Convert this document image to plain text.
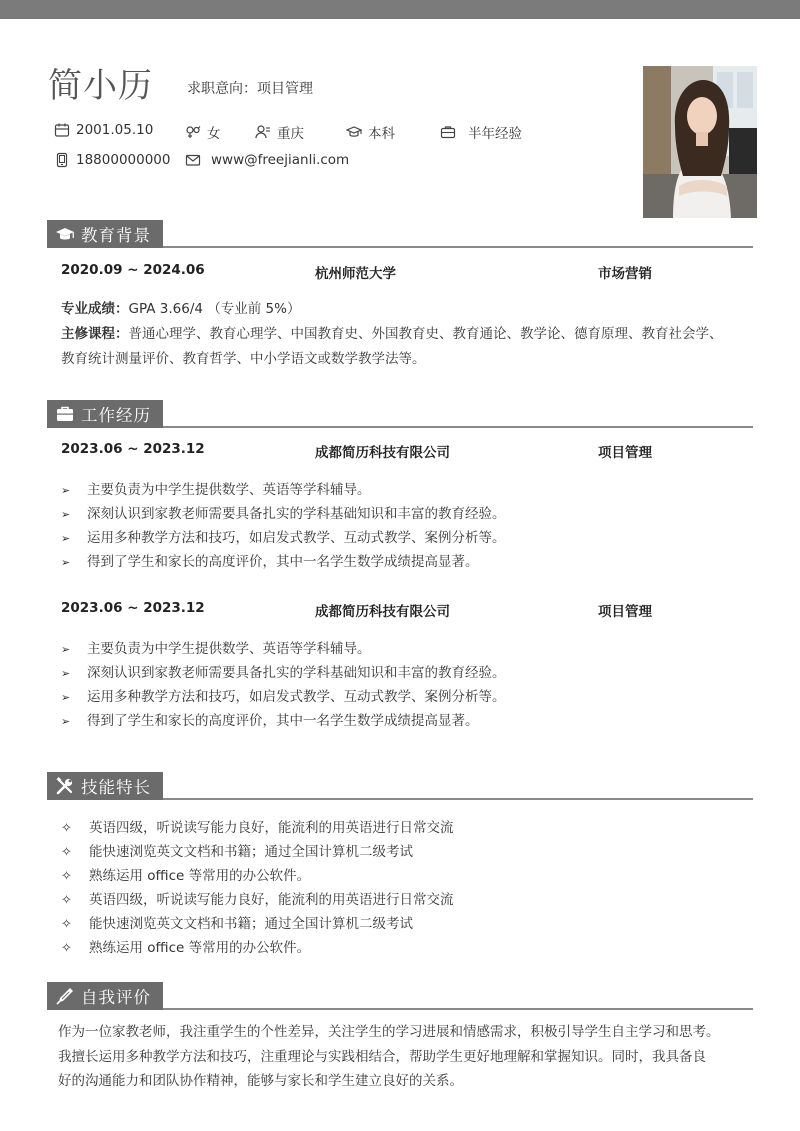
简小历 求职意向：项目管理
2001.05.10	女	重庆	本科	半年经验
18800000000	www@freejianli.com
教育背景
2020.09 ~ 2024.06	杭州师范大学	市场营销
专业成绩：GPA 3.66/4 （专业前 5%）
主修课程：普通心理学、教育心理学、中国教育史、外国教育史、教育通论、教学论、德育原理、教育社会学、
教育统计测量评价、教育哲学、中小学语文或数学教学法等。
工作经历
2023.06 ~ 2023.12	成都简历科技有限公司	项目管理
➢ 主要负责为中学生提供数学、英语等学科辅导。
➢ 深刻认识到家教老师需要具备扎实的学科基础知识和丰富的教育经验。
➢ 运用多种教学方法和技巧，如启发式教学、互动式教学、案例分析等。
➢ 得到了学生和家长的高度评价，其中一名学生数学成绩提高显著。
2023.06 ~ 2023.12	成都简历科技有限公司	项目管理
➢ 主要负责为中学生提供数学、英语等学科辅导。
➢ 深刻认识到家教老师需要具备扎实的学科基础知识和丰富的教育经验。
➢ 运用多种教学方法和技巧，如启发式教学、互动式教学、案例分析等。
➢ 得到了学生和家长的高度评价，其中一名学生数学成绩提高显著。
技能特长
✧ 英语四级，听说读写能力良好，能流利的用英语进行日常交流
✧ 能快速浏览英文文档和书籍；通过全国计算机二级考试
✧ 熟练运用 office 等常用的办公软件。
✧ 英语四级，听说读写能力良好，能流利的用英语进行日常交流
✧ 能快速浏览英文文档和书籍；通过全国计算机二级考试
✧ 熟练运用 office 等常用的办公软件。
自我评价
作为一位家教老师，我注重学生的个性差异，关注学生的学习进展和情感需求，积极引导学生自主学习和思考。
我擅长运用多种教学方法和技巧，注重理论与实践相结合，帮助学生更好地理解和掌握知识。同时，我具备良
好的沟通能力和团队协作精神，能够与家长和学生建立良好的关系。
